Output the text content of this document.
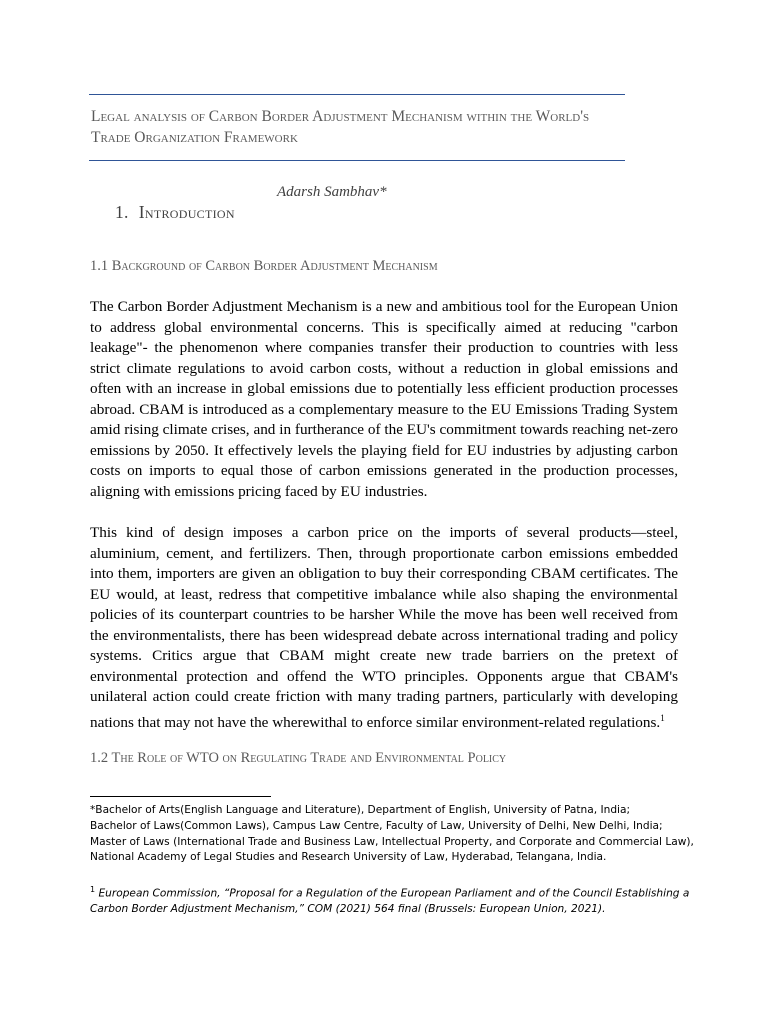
Legal analysis of Carbon Border Adjustment Mechanism within the World's
Trade Organization Framework
Adarsh Sambhav*
1. Introduction
1.1 Background of Carbon Border Adjustment Mechanism
The Carbon Border Adjustment Mechanism is a new and ambitious tool for the European Union to address global environmental concerns. This is specifically aimed at reducing "carbon leakage"- the phenomenon where companies transfer their production to countries with less strict climate regulations to avoid carbon costs, without a reduction in global emissions and often with an increase in global emissions due to potentially less efficient production processes abroad. CBAM is introduced as a complementary measure to the EU Emissions Trading System amid rising climate crises, and in furtherance of the EU's commitment towards reaching net-zero emissions by 2050. It effectively levels the playing field for EU industries by adjusting carbon costs on imports to equal those of carbon emissions generated in the production processes, aligning with emissions pricing faced by EU industries.
This kind of design imposes a carbon price on the imports of several products—steel, aluminium, cement, and fertilizers. Then, through proportionate carbon emissions embedded into them, importers are given an obligation to buy their corresponding CBAM certificates. The EU would, at least, redress that competitive imbalance while also shaping the environmental policies of its counterpart countries to be harsher While the move has been well received from the environmentalists, there has been widespread debate across international trading and policy systems. Critics argue that CBAM might create new trade barriers on the pretext of environmental protection and offend the WTO principles. Opponents argue that CBAM's unilateral action could create friction with many trading partners, particularly with developing nations that may not have the wherewithal to enforce similar environment-related regulations.$^1$
1.2 The Role of WTO on Regulating Trade and Environmental Policy
*Bachelor of Arts(English Language and Literature), Department of English, University of Patna, India;
Bachelor of Laws(Common Laws), Campus Law Centre, Faculty of Law, University of Delhi, New Delhi, India;
Master of Laws (International Trade and Business Law, Intellectual Property, and Corporate and Commercial Law),
National Academy of Legal Studies and Research University of Law, Hyderabad, Telangana, India.
$^1$ European Commission, “Proposal for a Regulation of the European Parliament and of the Council Establishing a
Carbon Border Adjustment Mechanism,” COM (2021) 564 final (Brussels: European Union, 2021).
